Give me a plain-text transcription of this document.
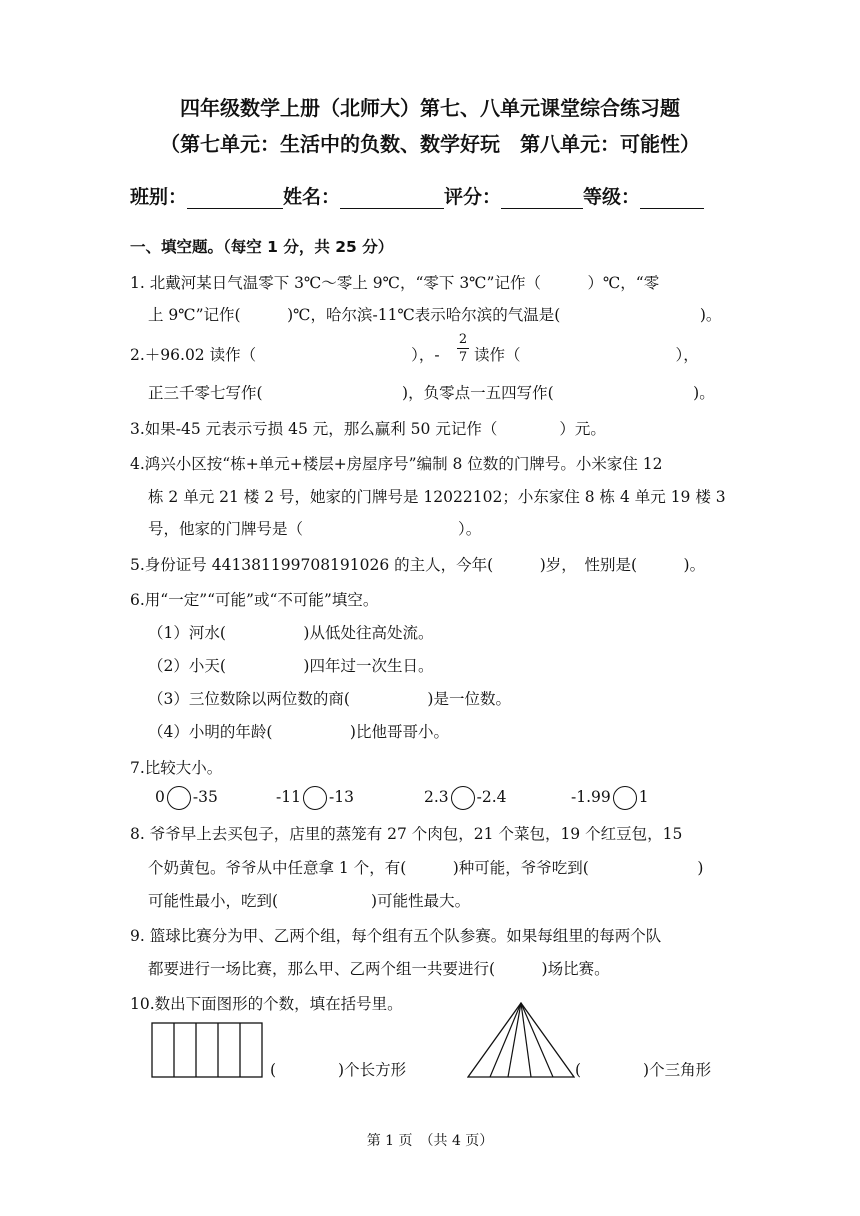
四年级数学上册（北师大）第七、八单元课堂综合练习题
（第七单元：生活中的负数、数学好玩　第八单元：可能性）
班别：	姓名：	评分：	等级：
一、填空题。（每空 1 分，共 25 分）
1. 北戴河某日气温零下 3℃～零上 9℃，“零下 3℃”记作（　　　）℃，“零
上 9℃”记作(　　　)℃，哈尔滨-11℃表示哈尔滨的气温是(　　　　　　　　　)。
2.＋96.02 读作（　　　　　　　　　　），-
2
7 读作（　　　　　　　　　　），
正三千零七写作(　　　　　　　　　)，负零点一五四写作(　　　　　　　　　)。
3.如果-45 元表示亏损 45 元，那么赢利 50 元记作（　　　　）元。
4.鸿兴小区按“栋+单元+楼层+房屋序号”编制 8 位数的门牌号。小米家住 12
栋 2 单元 21 楼 2 号，她家的门牌号是 12022102；小东家住 8 栋 4 单元 19 楼 3
号，他家的门牌号是（　　　　　　　　　　）。
5.身份证号 441381199708191026 的主人，今年(　　　)岁，　性别是(　　　)。
6.用“一定”“可能”或“不可能”填空。
（1）河水(　　　　　)从低处往高处流。
（2）小天(　　　　　)四年过一次生日。
（3）三位数除以两位数的商(　　　　　)是一位数。
（4）小明的年龄(　　　　　)比他哥哥小。
7.比较大小。
0 -35	-11 -13	2.3 -2.4	-1.99 1
8. 爷爷早上去买包子，店里的蒸笼有 27 个肉包，21 个菜包，19 个红豆包，15
个奶黄包。爷爷从中任意拿 1 个，有(　　　)种可能，爷爷吃到(　　　　　　　)
可能性最小，吃到(　　　　　　)可能性最大。
9. 篮球比赛分为甲、乙两个组，每个组有五个队参赛。如果每组里的每两个队
都要进行一场比赛，那么甲、乙两个组一共要进行(　　　)场比赛。
10.数出下面图形的个数，填在括号里。
(　　　　)个长方形	(　　　　)个三角形
第 1 页　（共 4 页）
